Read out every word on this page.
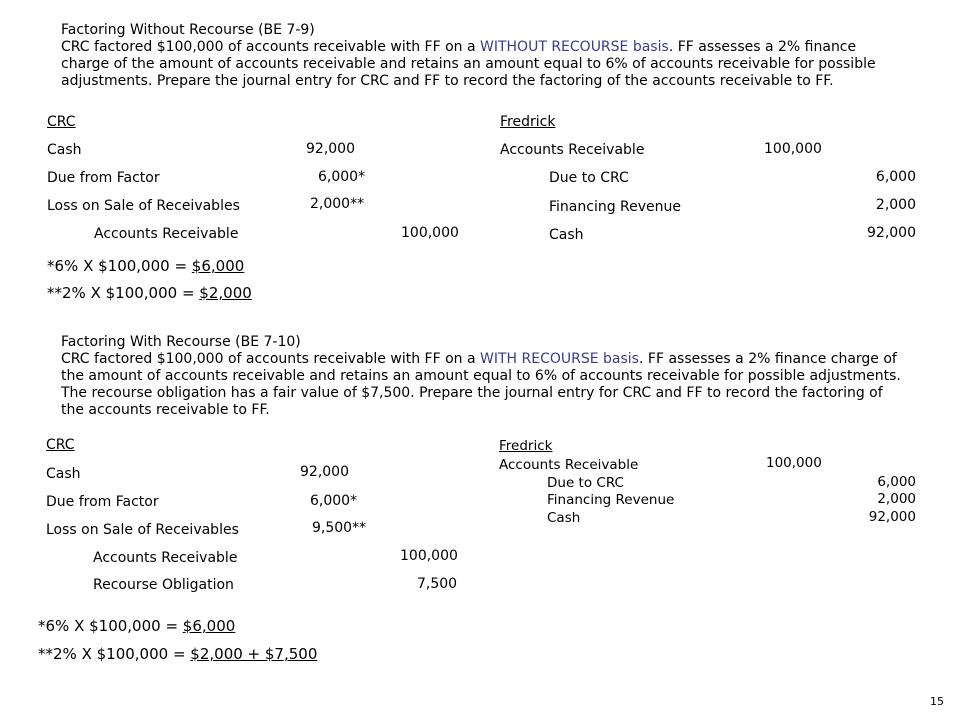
Factoring Without Recourse (BE 7-9)
CRC factored $100,000 of accounts receivable with FF on a WITHOUT RECOURSE basis. FF assesses a 2% finance charge of the amount of accounts receivable and retains an amount equal to 6% of accounts receivable for possible adjustments. Prepare the journal entry for CRC and FF to record the factoring of the accounts receivable to FF.
CRC
Cash	92,000
Due from Factor	6,000*
Loss on Sale of Receivables	2,000**
Accounts Receivable	100,000
Fredrick
Accounts Receivable	100,000
Due to CRC	6,000
Financing Revenue	2,000
Cash	92,000
*6% X $100,000 = $6,000
**2% X $100,000 = $2,000
Factoring With Recourse (BE 7-10)
CRC factored $100,000 of accounts receivable with FF on a WITH RECOURSE basis. FF assesses a 2% finance charge of the amount of accounts receivable and retains an amount equal to 6% of accounts receivable for possible adjustments. The recourse obligation has a fair value of $7,500. Prepare the journal entry for CRC and FF to record the factoring of the accounts receivable to FF.
CRC
Cash	92,000
Due from Factor	6,000*
Loss on Sale of Receivables	9,500**
Accounts Receivable	100,000
Recourse Obligation	7,500
Fredrick
Accounts Receivable	100,000
Due to CRC	6,000
Financing Revenue	2,000
Cash	92,000
*6% X $100,000 = $6,000
**2% X $100,000 = $2,000 + $7,500
15
